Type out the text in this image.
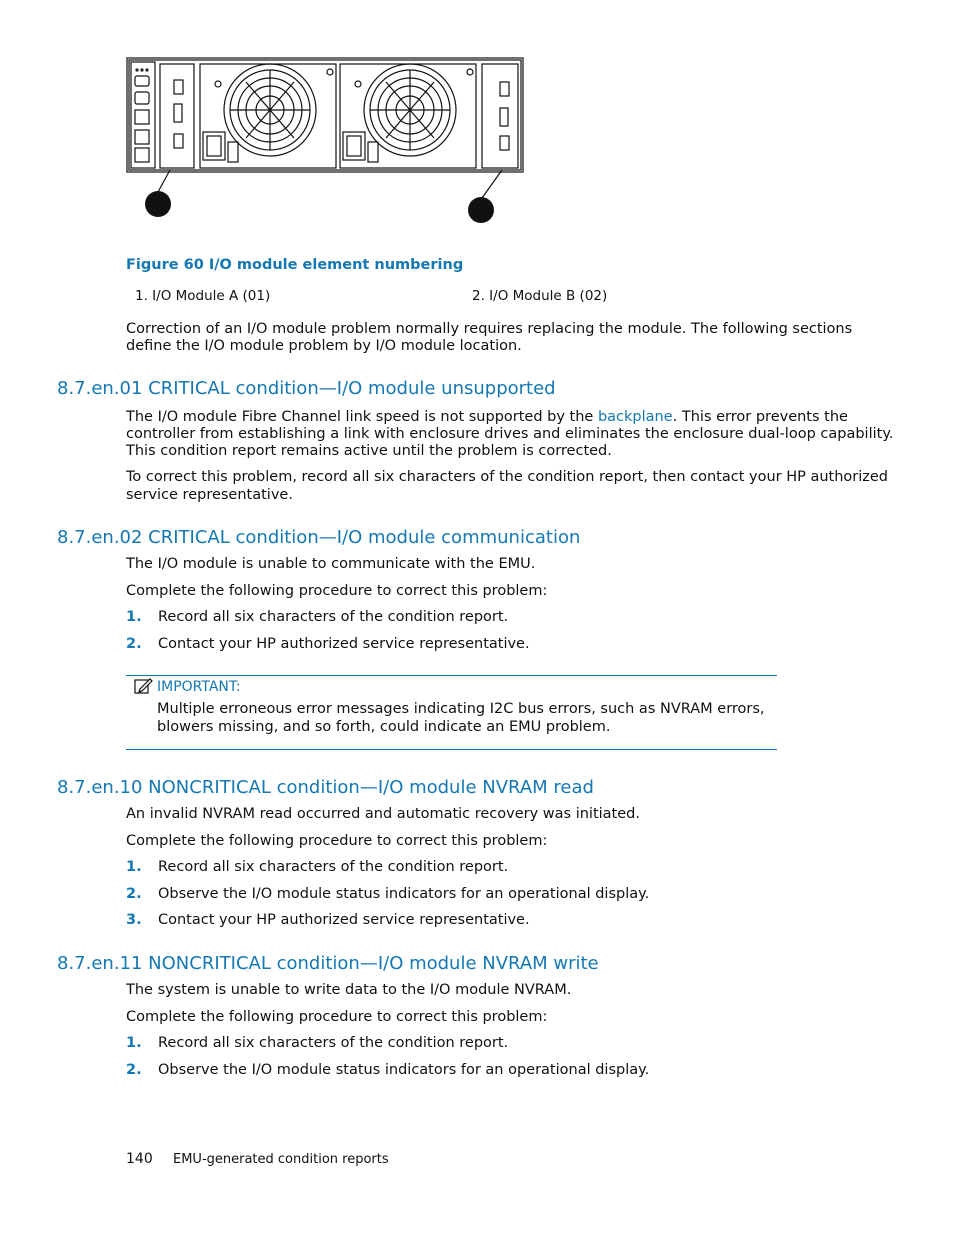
Figure 60 I/O module element numbering
1. I/O Module A (01)	2. I/O Module B (02)
Correction of an I/O module problem normally requires replacing the module. The following sections
define the I/O module problem by I/O module location.
8.7.en.01 CRITICAL condition—I/O module unsupported
The I/O module Fibre Channel link speed is not supported by the backplane. This error prevents the
controller from establishing a link with enclosure drives and eliminates the enclosure dual-loop capability.
This condition report remains active until the problem is corrected.
To correct this problem, record all six characters of the condition report, then contact your HP authorized
service representative.
8.7.en.02 CRITICAL condition—I/O module communication
The I/O module is unable to communicate with the EMU.
Complete the following procedure to correct this problem:
1. Record all six characters of the condition report.
2. Contact your HP authorized service representative.
IMPORTANT:
Multiple erroneous error messages indicating I2C bus errors, such as NVRAM errors,
blowers missing, and so forth, could indicate an EMU problem.
8.7.en.10 NONCRITICAL condition—I/O module NVRAM read
An invalid NVRAM read occurred and automatic recovery was initiated.
Complete the following procedure to correct this problem:
1. Record all six characters of the condition report.
2. Observe the I/O module status indicators for an operational display.
3. Contact your HP authorized service representative.
8.7.en.11 NONCRITICAL condition—I/O module NVRAM write
The system is unable to write data to the I/O module NVRAM.
Complete the following procedure to correct this problem:
1. Record all six characters of the condition report.
2. Observe the I/O module status indicators for an operational display.
140 EMU-generated condition reports
